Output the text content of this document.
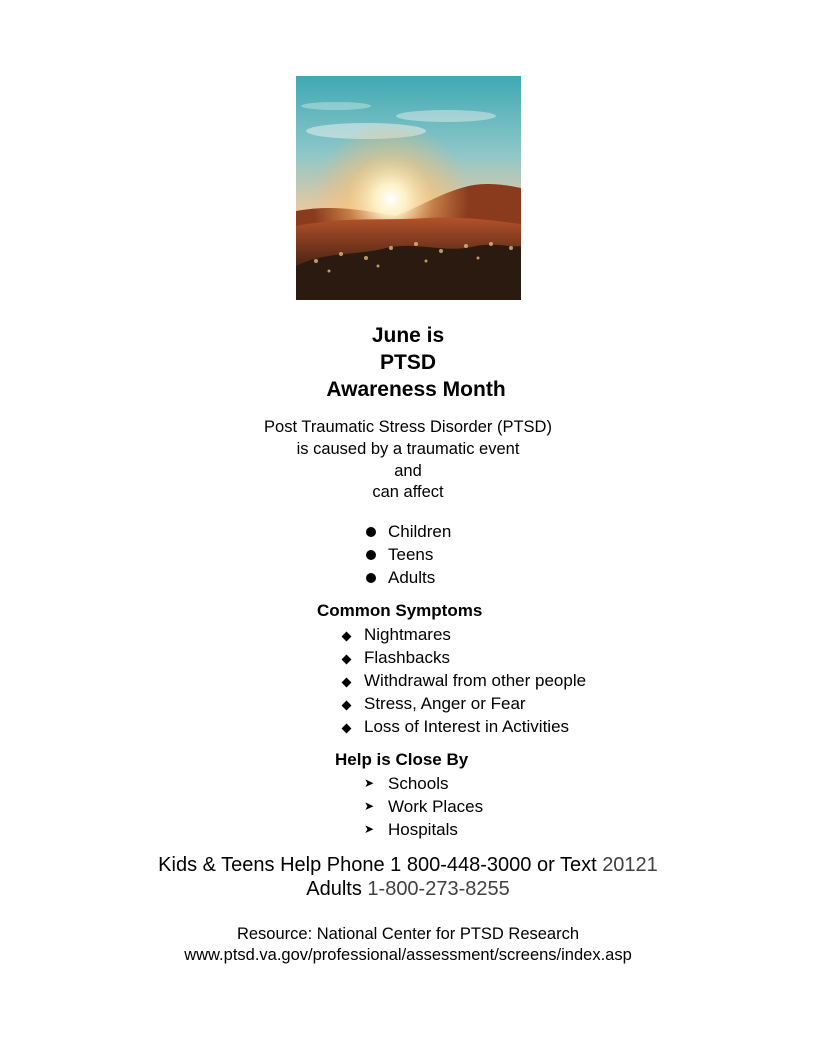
June is
PTSD
Awareness Month
Post Traumatic Stress Disorder (PTSD)
is caused by a traumatic event
and
can affect
Children
Teens
Adults
Common Symptoms
Nightmares
Flashbacks
Withdrawal from other people
Stress, Anger or Fear
Loss of Interest in Activities
Help is Close By
➤ Schools
➤ Work Places
➤ Hospitals
Kids & Teens Help Phone 1 800-448-3000 or Text 20121
Adults 1-800-273-8255
Resource: National Center for PTSD Research
www.ptsd.va.gov/professional/assessment/screens/index.asp
